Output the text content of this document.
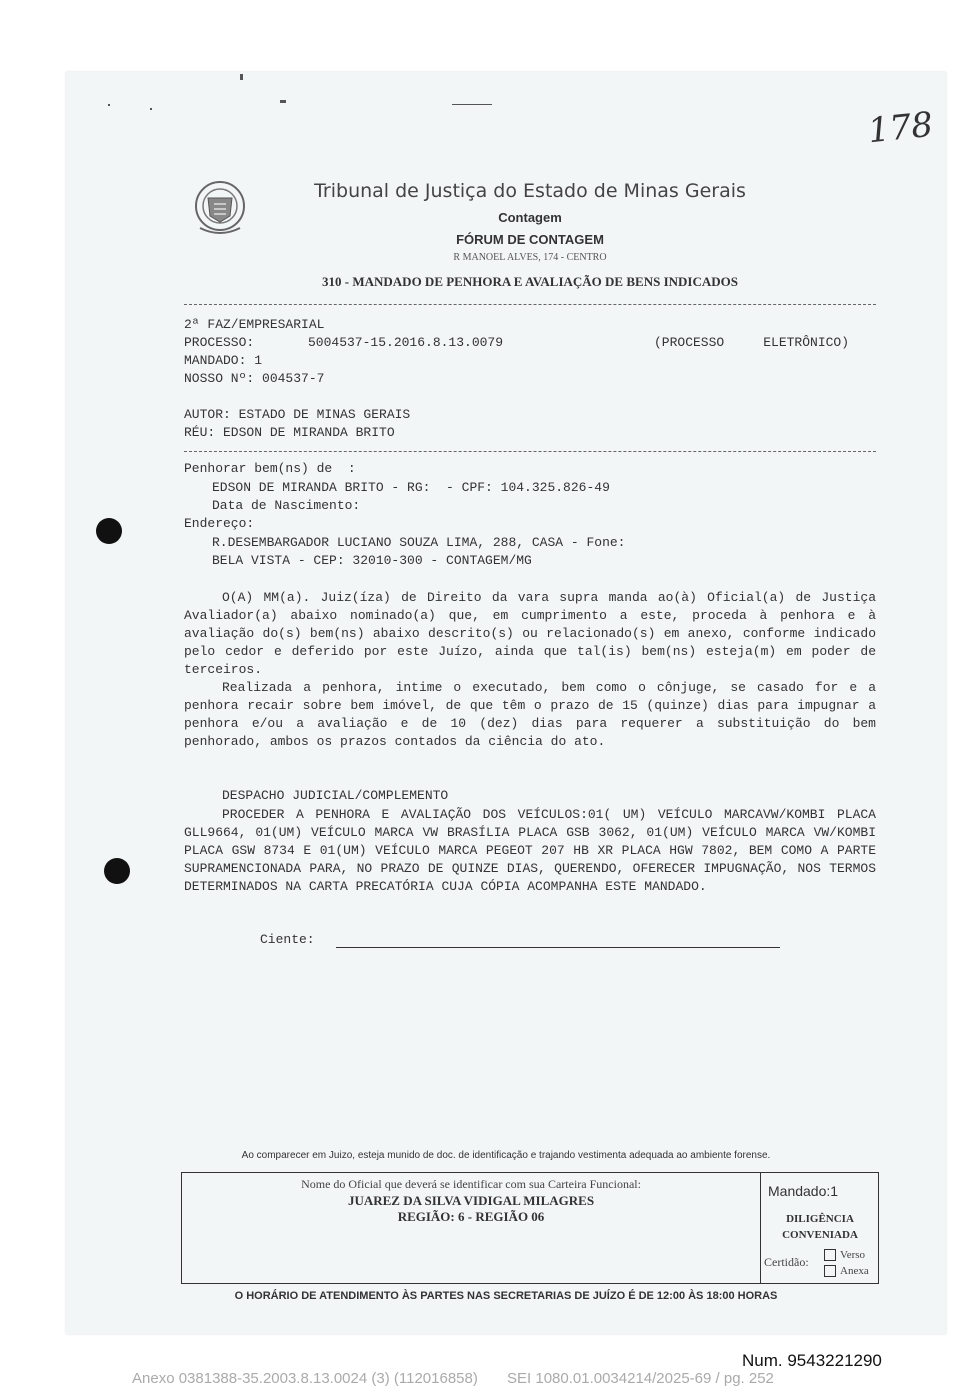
178
Tribunal de Justiça do Estado de Minas Gerais
Contagem
FÓRUM DE CONTAGEM
R MANOEL ALVES, 174 - CENTRO
310 - MANDADO DE PENHORA E AVALIAÇÃO DE BENS INDICADOS
2ª FAZ/EMPRESARIAL
PROCESSO:	5004537-15.2016.8.13.0079	(PROCESSO     ELETRÔNICO)
MANDADO: 1
NOSSO Nº: 004537-7
AUTOR: ESTADO DE MINAS GERAIS
RÉU: EDSON DE MIRANDA BRITO
Penhorar bem(ns) de  :
EDSON DE MIRANDA BRITO - RG:  - CPF: 104.325.826-49
Data de Nascimento:
Endereço:
R.DESEMBARGADOR LUCIANO SOUZA LIMA, 288, CASA - Fone:
BELA VISTA - CEP: 32010-300 - CONTAGEM/MG

O(A) MM(a). Juiz(íza) de Direito da vara supra manda ao(à) Oficial(a) de Justiça Avaliador(a) abaixo nominado(a) que, em cumprimento a este, proceda à penhora e à avaliação do(s) bem(ns) abaixo descrito(s) ou relacionado(s) em anexo, conforme indicado pelo cedor e deferido por este Juízo, ainda que tal(is) bem(ns) esteja(m) em poder de terceiros.

Realizada a penhora, intime o executado, bem como o cônjuge, se casado for e a penhora recair sobre bem imóvel, de que têm o prazo de 15 (quinze) dias para impugnar a penhora e/ou a avaliação e de 10 (dez) dias para requerer a substituição do bem penhorado, ambos os prazos contados da ciência do ato.

DESPACHO JUDICIAL/COMPLEMENTO
PROCEDER A PENHORA E AVALIAÇÃO DOS VEÍCULOS:01( UM) VEÍCULO MARCAVW/KOMBI PLACA GLL9664, 01(UM) VEÍCULO MARCA VW BRASÍLIA PLACA GSB 3062, 01(UM) VEÍCULO MARCA VW/KOMBI PLACA GSW 8734 E 01(UM) VEÍCULO MARCA PEGEOT 207 HB XR PLACA HGW 7802, BEM COMO A PARTE SUPRAMENCIONADA PARA, NO PRAZO DE QUINZE DIAS, QUERENDO, OFERECER IMPUGNAÇÃO, NOS TERMOS DETERMINADOS NA CARTA PRECATÓRIA CUJA CÓPIA ACOMPANHA ESTE MANDADO.
Ciente:
Ao comparecer em Juizo, esteja munido de doc. de identificação e trajando vestimenta adequada ao ambiente forense.
Nome do Oficial que deverá se identificar com sua Carteira Funcional:
JUAREZ DA SILVA VIDIGAL MILAGRES
REGIÃO: 6 - REGIÃO 06
Mandado:1
DILIGÊNCIA
CONVENIADA
Certidão:	Verso
Anexa
O HORÁRIO DE ATENDIMENTO ÀS PARTES NAS SECRETARIAS DE JUÍZO É DE 12:00 ÀS 18:00 HORAS
Num. 9543221290
Anexo 0381388-35.2003.8.13.0024 (3) (112016858)       SEI 1080.01.0034214/2025-69 / pg. 252
